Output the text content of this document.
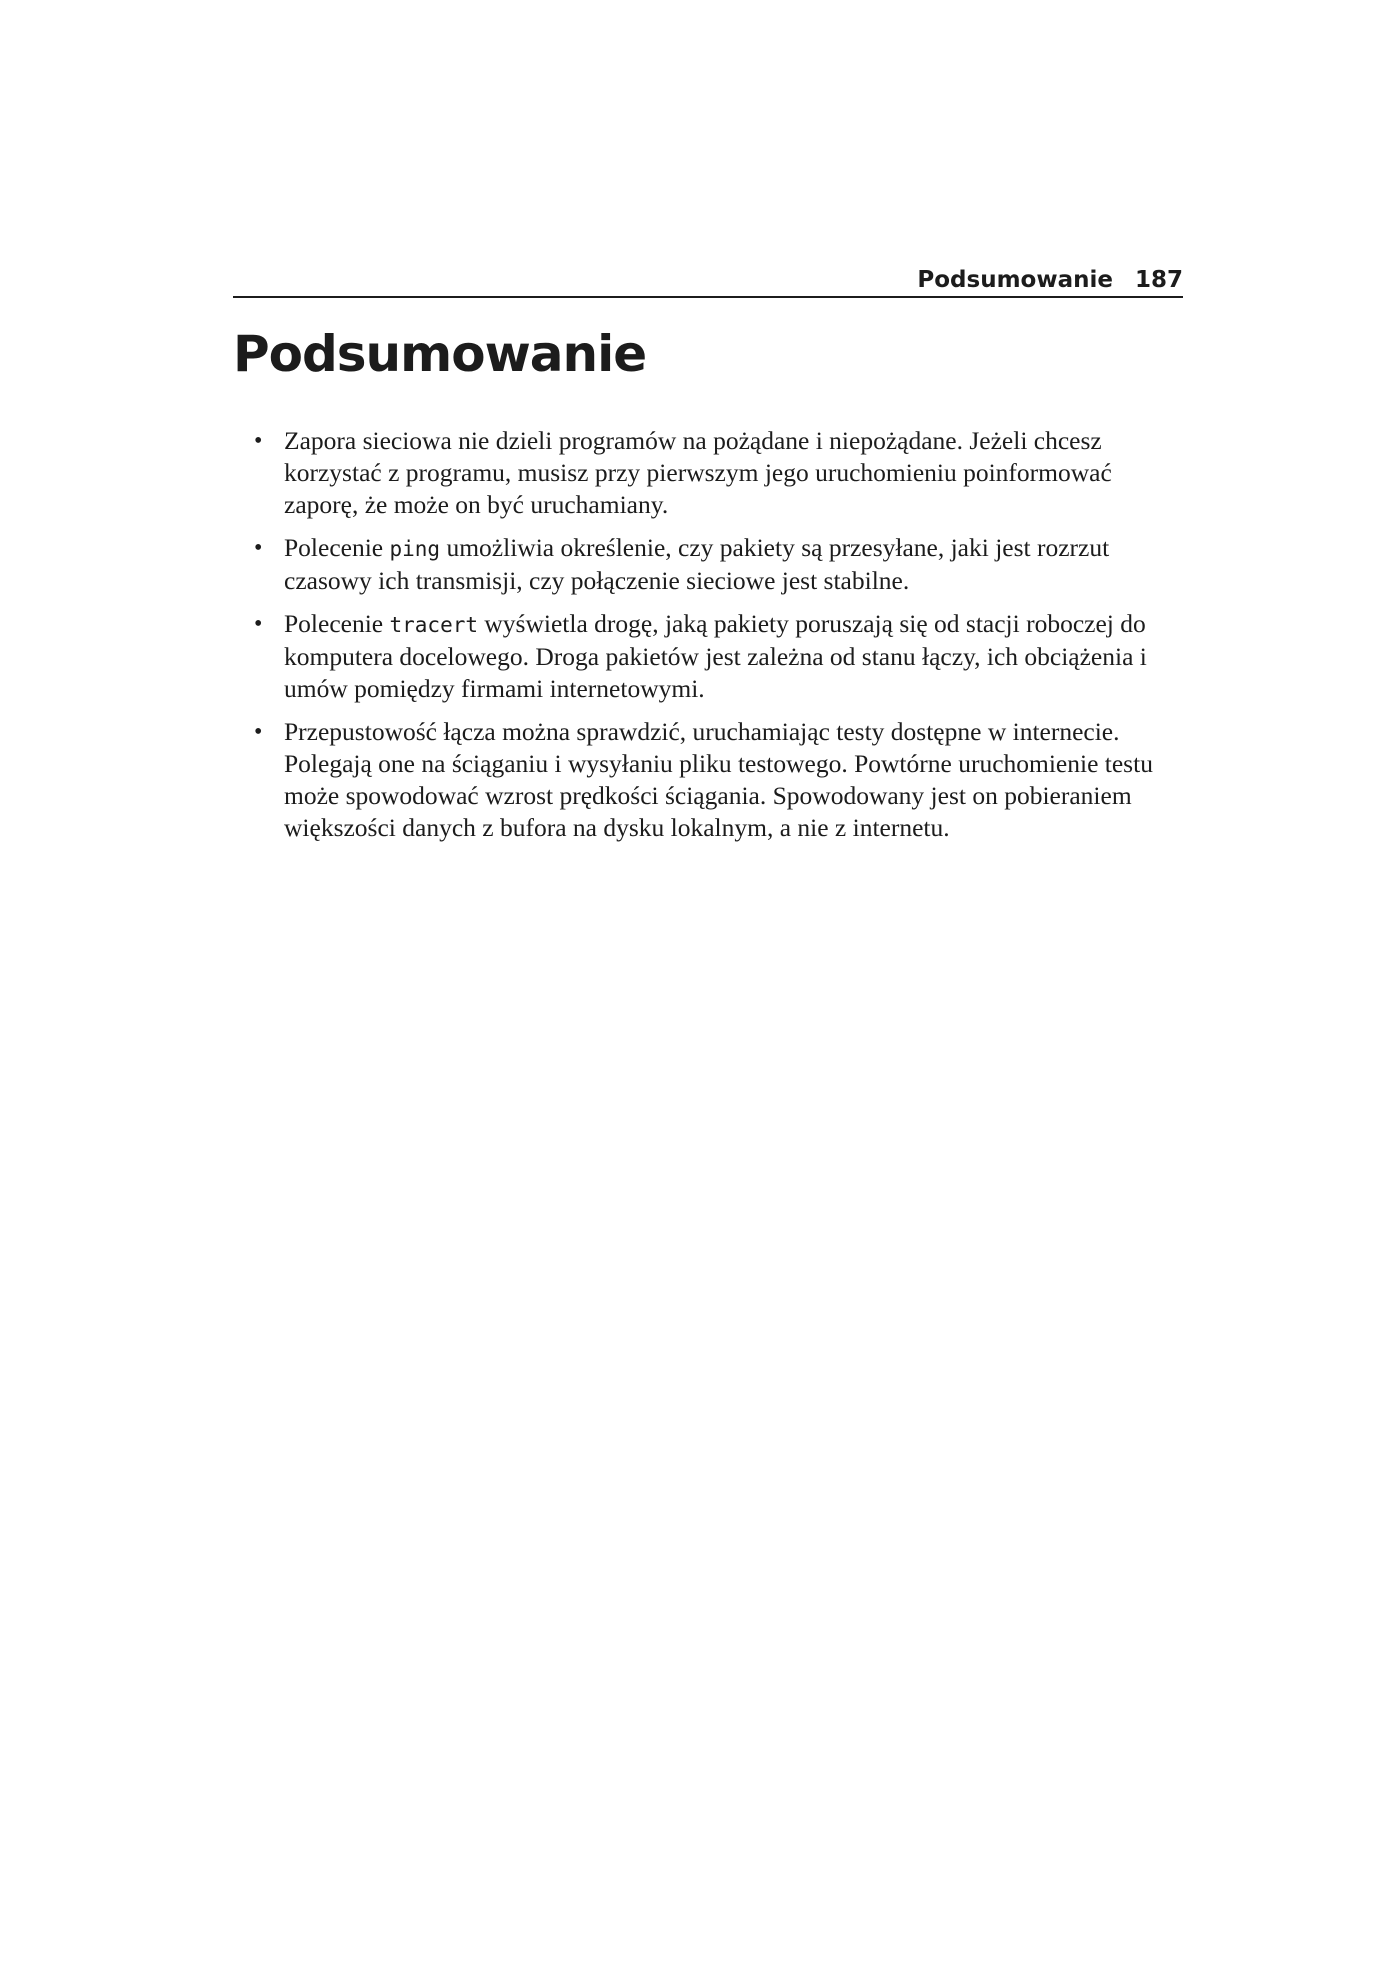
Podsumowanie 187
Podsumowanie
• Zapora sieciowa nie dzieli programów na pożądane i niepożądane. Jeżeli chcesz korzystać z programu, musisz przy pierwszym jego uruchomieniu poinformować zaporę, że może on być uruchamiany.
• Polecenie ping umożliwia określenie, czy pakiety są przesyłane, jaki jest rozrzut czasowy ich transmisji, czy połączenie sieciowe jest stabilne.
• Polecenie tracert wyświetla drogę, jaką pakiety poruszają się od stacji roboczej do komputera docelowego. Droga pakietów jest zależna od stanu łączy, ich obciążenia i umów pomiędzy firmami internetowymi.
• Przepustowość łącza można sprawdzić, uruchamiając testy dostępne w internecie. Polegają one na ściąganiu i wysyłaniu pliku testowego. Powtórne uruchomienie testu może spowodować wzrost prędkości ściągania. Spowodowany jest on pobieraniem większości danych z bufora na dysku lokalnym, a nie z internetu.
